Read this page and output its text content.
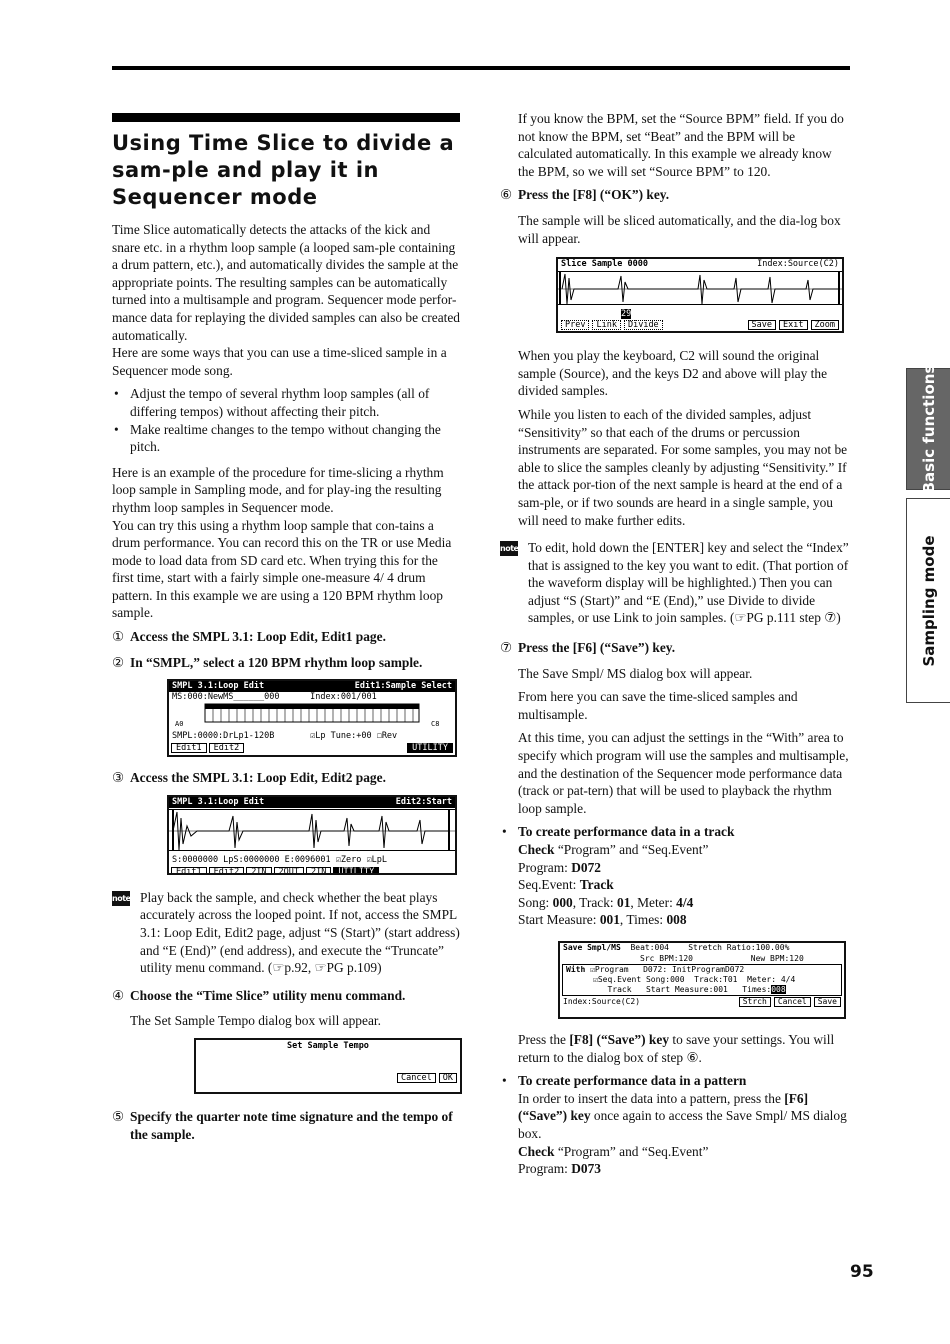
Using Time Slice to divide a sam-ple and play it in Sequencer mode

Time Slice automatically detects the attacks of the kick and snare etc. in a rhythm loop sample (a looped sam-ple containing a drum pattern, etc.), and automatically divides the sample at the appropriate points. The resulting samples can be automatically turned into a multisample and program. Sequencer mode perfor-mance data for replaying the divided samples can also be created automatically.

Here are some ways that you can use a time-sliced sample in a Sequencer mode song.

• Adjust the tempo of several rhythm loop samples (all of differing tempos) without affecting their pitch.
• Make realtime changes to the tempo without changing the pitch.

Here is an example of the procedure for time-slicing a rhythm loop sample in Sampling mode, and for play-ing the resulting rhythm loop samples in Sequencer mode.

You can try this using a rhythm loop sample that con-tains a drum performance. You can record this on the TR or use Media mode to load data from SD card etc. When trying this for the first time, start with a fairly simple one-measure 4/ 4 drum pattern. In this example we are using a 120 BPM rhythm loop sample.

① Access the SMPL 3.1: Loop Edit, Edit1 page.
② In “SMPL,” select a 120 BPM rhythm loop sample.
SMPL 3.1:Loop Edit	Edit1:Sample Select
MS:000:NewMS______000      Index:001/001
A0	C8
SMPL:0000:DrLp1-120B       ☑Lp Tune:+00 ☐Rev
Edit1	Edit2	UTILITY
③ Access the SMPL 3.1: Loop Edit, Edit2 page.
SMPL 3.1:Loop Edit	Edit2:Start
S:0000000 LpS:0000000 E:0096001 ☑Zero ☑LpL
Edit1	Edit2	2IN	2OUT	2IN	UTILITY
note Play back the sample, and check whether the beat plays accurately across the looped point. If not, access the SMPL 3.1: Loop Edit, Edit2 page, adjust “S (Start)” (start address) and “E (End)” (end address), and execute the “Truncate” utility menu command. (☞p.92, ☞PG p.109)
④ Choose the “Time Slice” utility menu command.

The Set Sample Tempo dialog box will appear.

Set Sample Tempo

Cancel	OK
⑤ Specify the quarter note time signature and the tempo of the sample.

If you know the BPM, set the “Source BPM” field. If you do not know the BPM, set “Beat” and the BPM will be calculated automatically. In this example we already know the BPM, so we will set “Source BPM” to 120.

⑥ Press the [F8] (“OK”) key.

The sample will be sliced automatically, and the dia-log box will appear.

Slice Sample 0000	Index:Source(C2)

29

Prev	Link	Divide	Save	Exit	Zoom

When you play the keyboard, C2 will sound the original sample (Source), and the keys D2 and above will play the divided samples.

While you listen to each of the divided samples, adjust “Sensitivity” so that each of the drums or percussion instruments are separated. For some samples, you may not be able to slice the samples cleanly by adjusting “Sensitivity.” If the attack por-tion of the next sample is heard at the end of a sam-ple, or if two sounds are heard in a single sample, you will need to make further edits.

note To edit, hold down the [ENTER] key and select the “Index” that is assigned to the key you want to edit. (That portion of the waveform display will be highlighted.) Then you can adjust “S (Start)” and “E (End),” use Divide to divide samples, or use Link to join samples. (☞PG p.111 step ⑦)
⑦ Press the [F6] (“Save”) key.

The Save Smpl/ MS dialog box will appear.

From here you can save the time-sliced samples and multisample.

At this time, you can adjust the settings in the “With” area to specify which program will use the samples and multisample, and the destination of the Sequencer mode performance data (track or pat-tern) that will be used to playback the rhythm loop sample.

• To create performance data in a track
Check “Program” and “Seq.Event”
Program: D072
Seq.Event: Track
Song: 000, Track: 01, Meter: 4/4
Start Measure: 001, Times: 008
Save Smpl/MS Beat:004    Stretch Ratio:100.00%
Src BPM:120            New BPM:120
With ☑Program   D072: InitProgramD072
☑Seq.Event Song:000  Track:T01  Meter: 4/4
Track   Start Measure:001   Times:008
Index:Source(C2)	Strch	Cancel	Save

Press the [F8] (“Save”) key to save your settings. You will return to the dialog box of step ⑥.

• To create performance data in a pattern
In order to insert the data into a pattern, press the [F6] (“Save”) key once again to access the Save Smpl/ MS dialog box.
Check “Program” and “Seq.Event”
Program: D073
Basic functions
Sampling mode
95
